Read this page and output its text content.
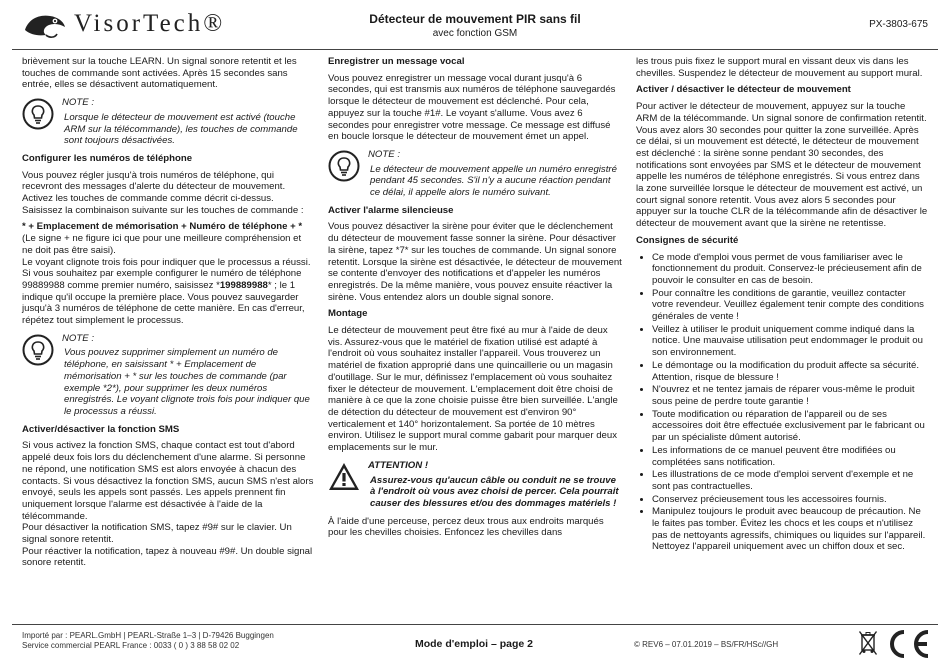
VisorTech®	Détecteur de mouvement PIR sans fil
avec fonction GSM
PX-3803-675

brièvement sur la touche LEARN. Un signal sonore retentit et les touches de commande sont activées. Après 15 secondes sans entrée, elles se désactivent automatiquement.

NOTE :
Lorsque le détecteur de mouvement est activé (touche ARM sur la télécommande), les touches de commande sont toujours désactivées.
Configurer les numéros de téléphone

Vous pouvez régler jusqu'à trois numéros de téléphone, qui recevront des messages d'alerte du détecteur de mouvement. Activez les touches de commande comme décrit ci-dessus. Saisissez la combinaison suivante sur les touches de commande :

* + Emplacement de mémorisation + Numéro de téléphone + *

(Le signe + ne figure ici que pour une meilleure compréhension et ne doit pas être saisi).

Le voyant clignote trois fois pour indiquer que le processus a réussi.

Si vous souhaitez par exemple configurer le numéro de téléphone 99889988 comme premier numéro, saisissez *199889988* ; le 1 indique qu'il occupe la première place. Vous pouvez sauvegarder jusqu'à 3 numéros de téléphone de cette manière. En cas d'erreur, répétez tout simplement le processus.

NOTE :
Vous pouvez supprimer simplement un numéro de téléphone, en saisissant * + Emplacement de mémorisation + * sur les touches de commande (par exemple *2*), pour supprimer les deux numéros enregistrés. Le voyant clignote trois fois pour indiquer que le processus a réussi.
Activer/désactiver la fonction SMS

Si vous activez la fonction SMS, chaque contact est tout d'abord appelé deux fois lors du déclenchement d'une alarme. Si personne ne répond, une notification SMS est alors envoyée à chacun des contacts. Si vous désactivez la fonction SMS, aucun SMS n'est alors envoyé, seuls les appels sont passés. Les appels prennent fin uniquement lorsque l'alarme est désactivée à l'aide de la télécommande.

Pour désactiver la notification SMS, tapez #9# sur le clavier. Un signal sonore retentit.

Pour réactiver la notification, tapez à nouveau #9#. Un double signal sonore retentit.

Enregistrer un message vocal

Vous pouvez enregistrer un message vocal durant jusqu'à 6 secondes, qui est transmis aux numéros de téléphone sauvegardés lorsque le détecteur de mouvement est déclenché. Pour cela, appuyez sur la touche #1#. Le voyant s'allume. Vous avez 6 secondes pour enregistrer votre message. Ce message est diffusé en boucle lorsque le détecteur de mouvement émet un appel.

NOTE :
Le détecteur de mouvement appelle un numéro enregistré pendant 45 secondes. S'il n'y a aucune réaction pendant ce délai, il appelle alors le numéro suivant.
Activer l'alarme silencieuse

Vous pouvez désactiver la sirène pour éviter que le déclenchement du détecteur de mouvement fasse sonner la sirène. Pour désactiver la sirène, tapez *7* sur les touches de commande. Un signal sonore retentit. Lorsque la sirène est désactivée, le détecteur de mouvement se contente d'envoyer des notifications et d'appeler les numéros enregistrés. De la même manière, vous pouvez ensuite réactiver la sirène. Vous entendez alors un double signal sonore.

Montage

Le détecteur de mouvement peut être fixé au mur à l'aide de deux vis. Assurez-vous que le matériel de fixation utilisé est adapté à l'endroit où vous souhaitez installer l'appareil. Vous trouverez un matériel de fixation approprié dans une quincaillerie ou un magasin d'outillage. Sur le mur, définissez l'emplacement où vous souhaitez fixer le détecteur de mouvement. L'emplacement doit être choisi de manière à ce que la zone choisie puisse être bien surveillée. L'angle de détection du détecteur de mouvement est d'environ 90° verticalement et 140° horizontalement. Sa portée de 10 mètres environ. Utilisez le support mural comme gabarit pour marquer deux emplacements sur le mur.

ATTENTION !
Assurez-vous qu'aucun câble ou conduit ne se trouve à l'endroit où vous avez choisi de percer. Cela pourrait causer des blessures et/ou des dommages matériels !

À l'aide d'une perceuse, percez deux trous aux endroits marqués pour les chevilles choisies. Enfoncez les chevilles dans

les trous puis fixez le support mural en vissant deux vis dans les chevilles. Suspendez le détecteur de mouvement au support mural.

Activer / désactiver le détecteur de mouvement

Pour activer le détecteur de mouvement, appuyez sur la touche ARM de la télécommande. Un signal sonore de confirmation retentit. Vous avez alors 30 secondes pour quitter la zone surveillée. Après ce délai, si un mouvement est détecté, le détecteur de mouvement est déclenché : la sirène sonne pendant 30 secondes, des notifications sont envoyées par SMS et le détecteur de mouvement appelle les numéros de téléphone enregistrés. Si vous entrez dans la zone surveillée lorsque le détecteur de mouvement est activé, un court signal sonore retentit. Vous avez alors 5 secondes pour appuyer sur la touche CLR de la télécommande afin de désactiver le détecteur de mouvement avant que la sirène ne retentisse.

Consignes de sécurité
• Ce mode d'emploi vous permet de vous familiariser avec le fonctionnement du produit. Conservez-le précieusement afin de pouvoir le consulter en cas de besoin.
• Pour connaître les conditions de garantie, veuillez contacter votre revendeur. Veuillez également tenir compte des conditions générales de vente !
• Veillez à utiliser le produit uniquement comme indiqué dans la notice. Une mauvaise utilisation peut endommager le produit ou son environnement.
• Le démontage ou la modification du produit affecte sa sécurité. Attention, risque de blessure !
• N'ouvrez et ne tentez jamais de réparer vous-même le produit sous peine de perdre toute garantie !
• Toute modification ou réparation de l'appareil ou de ses accessoires doit être effectuée exclusivement par le fabricant ou par un spécialiste dûment autorisé.
• Les informations de ce manuel peuvent être modifiées ou complétées sans notification.
• Les illustrations de ce mode d'emploi servent d'exemple et ne sont pas contractuelles.
• Conservez précieusement tous les accessoires fournis.
• Manipulez toujours le produit avec beaucoup de précaution. Ne le faites pas tomber. Évitez les chocs et les coups et n'utilisez pas de nettoyants agressifs, chimiques ou liquides sur l'appareil. Nettoyez l'appareil uniquement avec un chiffon doux et sec.
Importé par : PEARL.GmbH | PEARL-Straße 1–3 | D-79426 Buggingen
Service commercial PEARL France : 0033 ( 0 ) 3 88 58 02 02	Mode d'emploi – page 2	© REV6 – 07.01.2019 – BS/FR/HSc//GH
